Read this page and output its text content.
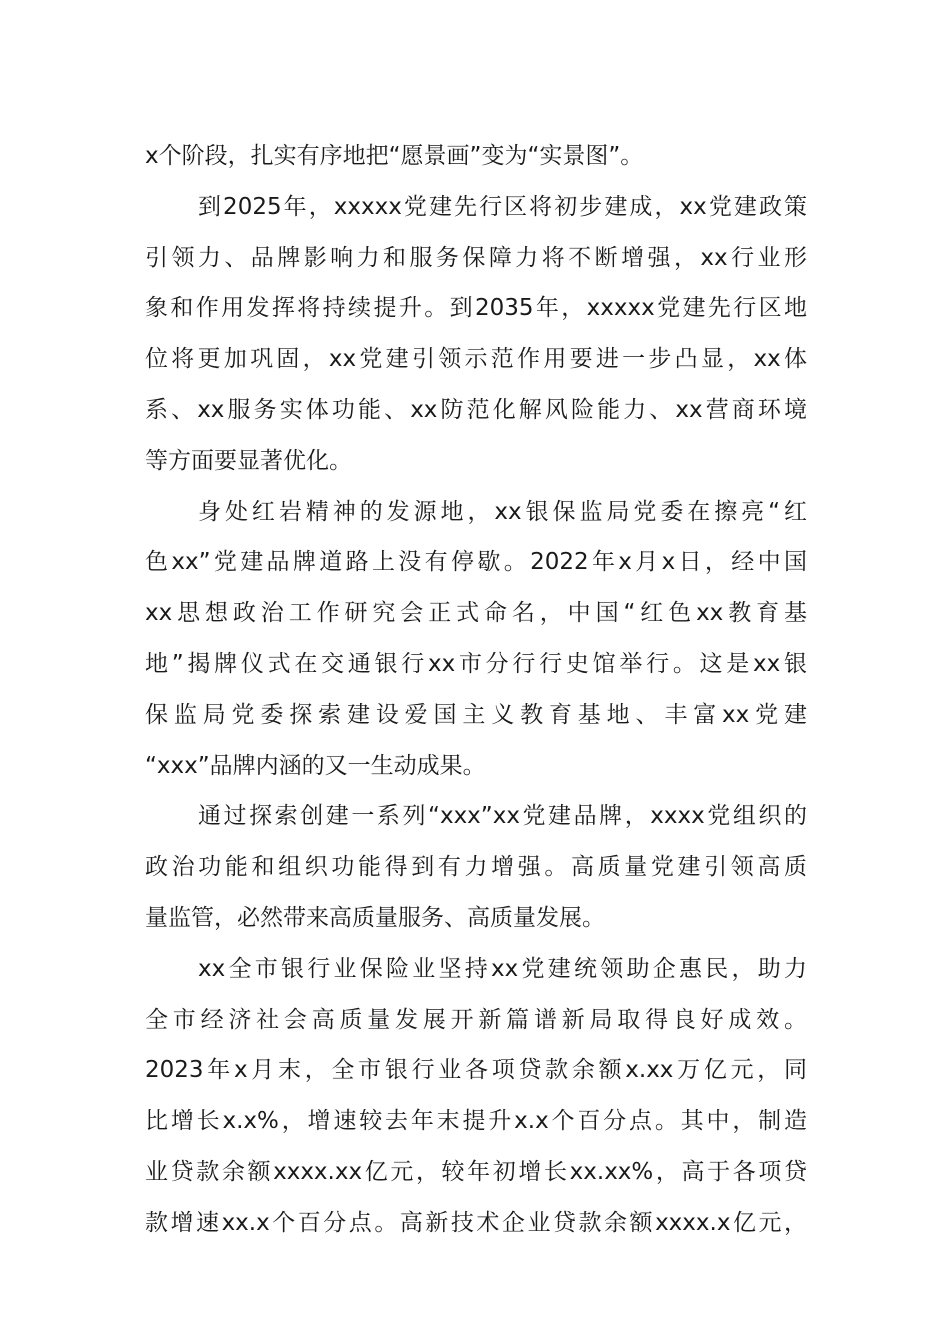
x个阶段，扎实有序地把“愿景画”变为“实景图”。
到2025年，xxxxx党建先行区将初步建成，xx党建政策
引领力、品牌影响力和服务保障力将不断增强，xx行业形
象和作用发挥将持续提升。到2035年，xxxxx党建先行区地
位将更加巩固，xx党建引领示范作用要进一步凸显，xx体
系、xx服务实体功能、xx防范化解风险能力、xx营商环境
等方面要显著优化。
身处红岩精神的发源地，xx银保监局党委在擦亮“红
色xx”党建品牌道路上没有停歇。2022年x月x日，经中国
xx思想政治工作研究会正式命名，中国“红色xx教育基
地”揭牌仪式在交通银行xx市分行行史馆举行。这是xx银
保监局党委探索建设爱国主义教育基地、丰富xx党建
“xxx”品牌内涵的又一生动成果。
通过探索创建一系列“xxx”xx党建品牌，xxxx党组织的
政治功能和组织功能得到有力增强。高质量党建引领高质
量监管，必然带来高质量服务、高质量发展。
xx全市银行业保险业坚持xx党建统领助企惠民，助力
全市经济社会高质量发展开新篇谱新局取得良好成效。
2023年x月末，全市银行业各项贷款余额x.xx万亿元，同
比增长x.x%，增速较去年末提升x.x个百分点。其中，制造
业贷款余额xxxx.xx亿元，较年初增长xx.xx%，高于各项贷
款增速xx.x个百分点。高新技术企业贷款余额xxxx.x亿元，
